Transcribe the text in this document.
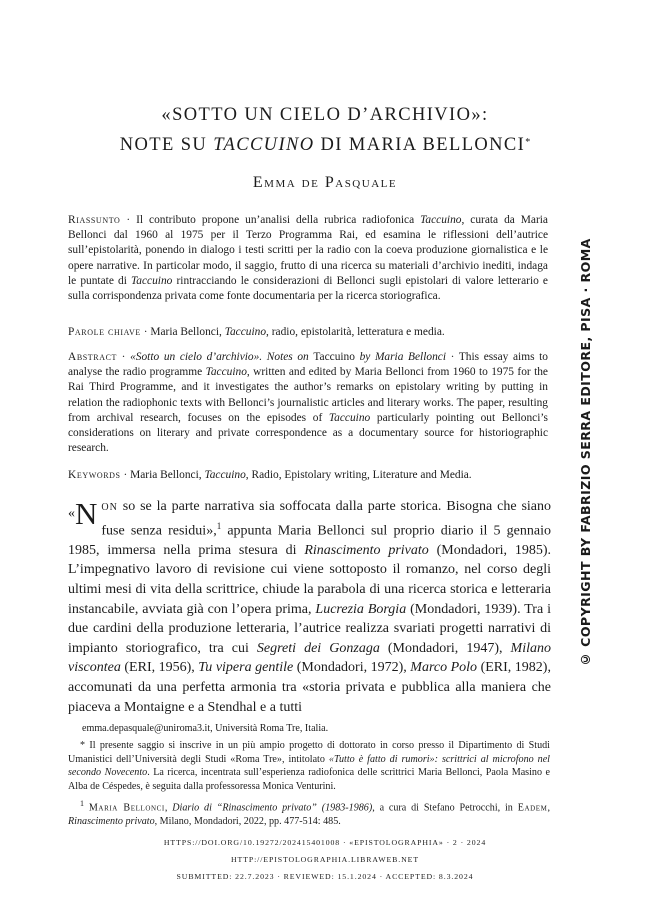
«SOTTO UN CIELO D’ARCHIVIO»:
NOTE SU TACCUINO DI MARIA BELLONCI*
Emma de Pasquale
Riassunto · Il contributo propone un’analisi della rubrica radiofonica Taccuino, curata da Maria Bellonci dal 1960 al 1975 per il Terzo Programma Rai, ed esamina le riflessioni dell’autrice sull’epistolarità, ponendo in dialogo i testi scritti per la radio con la coeva produzione giornalistica e le opere narrative. In particolar modo, il saggio, frutto di una ricerca su materiali d’archivio inediti, indaga le puntate di Taccuino rintracciando le considerazioni di Bellonci sugli epistolari di valore letterario e sulla corrispondenza privata come fonte documentaria per la ricerca storiografica.
Parole chiave · Maria Bellonci, Taccuino, radio, epistolarità, letteratura e media.
Abstract · «Sotto un cielo d’archivio». Notes on Taccuino by Maria Bellonci · This essay aims to analyse the radio programme Taccuino, written and edited by Maria Bellonci from 1960 to 1975 for the Rai Third Programme, and it investigates the author’s remarks on epistolary writing by putting in relation the radiophonic texts with Bellonci’s journalistic articles and literary works. The paper, resulting from archival research, focuses on the episodes of Taccuino particularly pointing out Bellonci’s considerations on literary and private correspondence as a documentary source for historiographic research.
Keywords · Maria Bellonci, Taccuino, Radio, Epistolary writing, Literature and Media.
«N on so se la parte narrativa sia soffocata dalla parte storica. Bisogna che siano fuse senza residui»,$^1$ appunta Maria Bellonci sul proprio diario il 5 gennaio 1985, immersa nella prima stesura di Rinascimento privato (Mondadori, 1985). L’impegnativo lavoro di revisione cui viene sottoposto il romanzo, nel corso degli ultimi mesi di vita della scrittrice, chiude la parabola di una ricerca storica e letteraria instancabile, avviata già con l’opera prima, Lucrezia Borgia (Mondadori, 1939). Tra i due cardini della produzione letteraria, l’autrice realizza svariati progetti narrativi di impianto storiografico, tra cui Segreti dei Gonzaga (Mondadori, 1947), Milano viscontea (ERI, 1956), Tu vipera gentile (Mondadori, 1972), Marco Polo (ERI, 1982), accomunati da una perfetta armonia tra «storia privata e pubblica alla maniera che piaceva a Montaigne e a Stendhal e a tutti
emma.depasquale@uniroma3.it, Università Roma Tre, Italia.
* Il presente saggio si inscrive in un più ampio progetto di dottorato in corso presso il Dipartimento di Studi Umanistici dell’Università degli Studi «Roma Tre», intitolato «Tutto è fatto di rumori»: scrittrici al microfono nel secondo Novecento. La ricerca, incentrata sull’esperienza radiofonica delle scrittrici Maria Bellonci, Paola Masino e Alba de Céspedes, è seguita dalla professoressa Monica Venturini.
$^1$ Maria Bellonci, Diario di “Rinascimento privato” (1983-1986), a cura di Stefano Petrocchi, in Eadem, Rinascimento privato, Milano, Mondadori, 2022, pp. 477-514: 485.
HTTPS://DOI.ORG/10.19272/202415401008 · «EPISTOLOGRAPHIA» · 2 · 2024
HTTP://EPISTOLOGRAPHIA.LIBRAWEB.NET
SUBMITTED: 22.7.2023 · REVIEWED: 15.1.2024 · ACCEPTED: 8.3.2024
© COPYRIGHT BY FABRIZIO SERRA EDITORE, PISA · ROMA
